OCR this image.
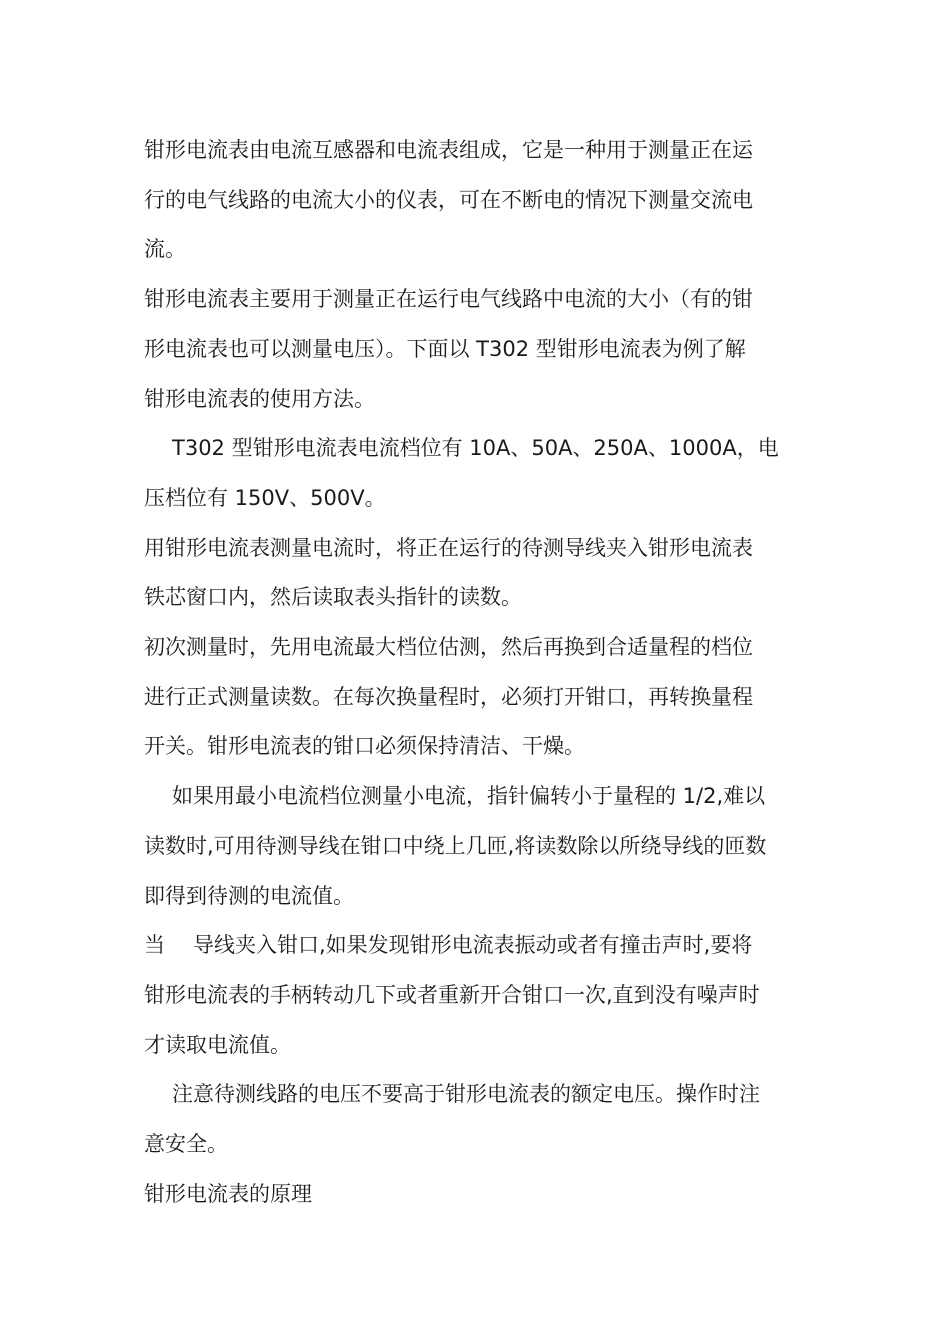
钳形电流表由电流互感器和电流表组成，它是一种用于测量正在运
行的电气线路的电流大小的仪表，可在不断电的情况下测量交流电
流。

钳形电流表主要用于测量正在运行电气线路中电流的大小（有的钳
形电流表也可以测量电压）。下面以 T302 型钳形电流表为例了解
钳形电流表的使用方法。

T302 型钳形电流表电流档位有 10A、50A、250A、1000A，电
压档位有 150V、500V。

用钳形电流表测量电流时，将正在运行的待测导线夹入钳形电流表
铁芯窗口内，然后读取表头指针的读数。

初次测量时，先用电流最大档位估测，然后再换到合适量程的档位
进行正式测量读数。在每次换量程时，必须打开钳口，再转换量程
开关。钳形电流表的钳口必须保持清洁、干燥。

如果用最小电流档位测量小电流，指针偏转小于量程的 1/2,难以
读数时,可用待测导线在钳口中绕上几匝,将读数除以所绕导线的匝数
即得到待测的电流值。

当 导线夹入钳口,如果发现钳形电流表振动或者有撞击声时,要将
钳形电流表的手柄转动几下或者重新开合钳口一次,直到没有噪声时
才读取电流值。

注意待测线路的电压不要高于钳形电流表的额定电压。操作时注
意安全。

钳形电流表的原理
